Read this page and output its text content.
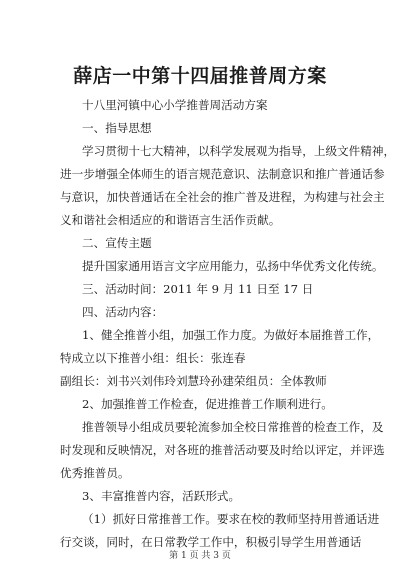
薛店一中第十四届推普周方案
十八里河镇中心小学推普周活动方案
一、指导思想
学习贯彻十七大精神，以科学发展观为指导，上级文件精神，
进一步增强全体师生的语言规范意识、法制意识和推广普通话参
与意识，加快普通话在全社会的推广普及进程，为构建与社会主
义和谐社会相适应的和谐语言生活作贡献。
二、宣传主题
提升国家通用语言文字应用能力，弘扬中华优秀文化传统。
三、活动时间：2011 年 9 月 11 日至 17 日
四、活动内容：
1、健全推普小组，加强工作力度。为做好本届推普工作，
特成立以下推普小组：组长：张连春
副组长：刘书兴刘伟玲刘慧玲孙建荣组员：全体教师
2、加强推普工作检查，促进推普工作顺利进行。
推普领导小组成员要轮流参加全校日常推普的检查工作，及
时发现和反映情况，对各班的推普活动要及时给以评定，并评选
优秀推普员。
3、丰富推普内容，活跃形式。
（1）抓好日常推普工作。要求在校的教师坚持用普通话进
行交谈，同时，在日常教学工作中，积极引导学生用普通话
第 1 页 共 3 页
